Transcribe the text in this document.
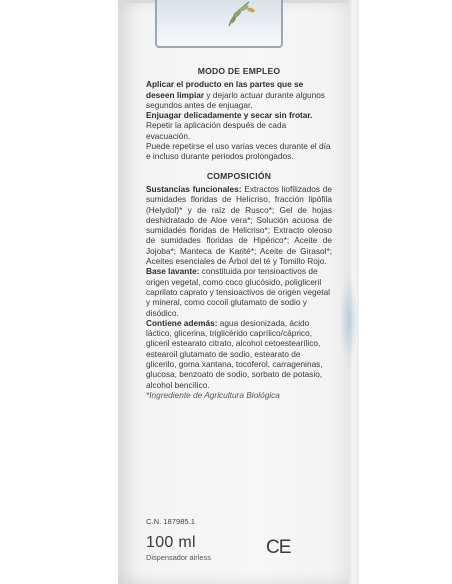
MODO DE EMPLEO

Aplicar el producto en las partes que se deseen limpiar y dejarlo actuar durante algunos segundos antes de enjuagar.

Enjuagar delicadamente y secar sin frotar. Repetir la aplicación después de cada evacuación.

Puede repetirse el uso varias veces durante el día e incluso durante periodos prolongados.

COMPOSICIÓN

Sustancias funcionales: Extractos liofilizados de sumidades floridas de Helicriso, fracción lipófila (Helydol)* y de raíz de Rusco*; Gel de hojas deshidratado de Aloe vera*; Solución acuosa de sumidades floridas de Helicriso*; Extracto oleoso de sumidades floridas de Hipérico*; Aceite de Jojoba*; Manteca de Karité*; Aceite de Girasol*; Aceites esenciales de Árbol del té y Tomillo Rojo.

Base lavante: constituida por tensioactivos de origen vegetal, como coco glucósido, poligliceril caprilato caprato y tensioactivos de origen vegetal y mineral, como cocoil glutamato de sodio y disódico.

Contiene además: agua desionizada, ácido láctico, glicerina, triglicérido caprílico/cáprico, gliceril estearato citrato, alcohol cetoestearílico, estearoil glutamato de sodio, estearato de glicerilo, goma xantana, tocoferol, carrageninas, glucosa, benzoato de sodio, sorbato de potasio, alcohol bencílico.

*Ingrediente de Agricultura Biológica

C.N. 187985.1
100 ml
Dispensador airless	CE
